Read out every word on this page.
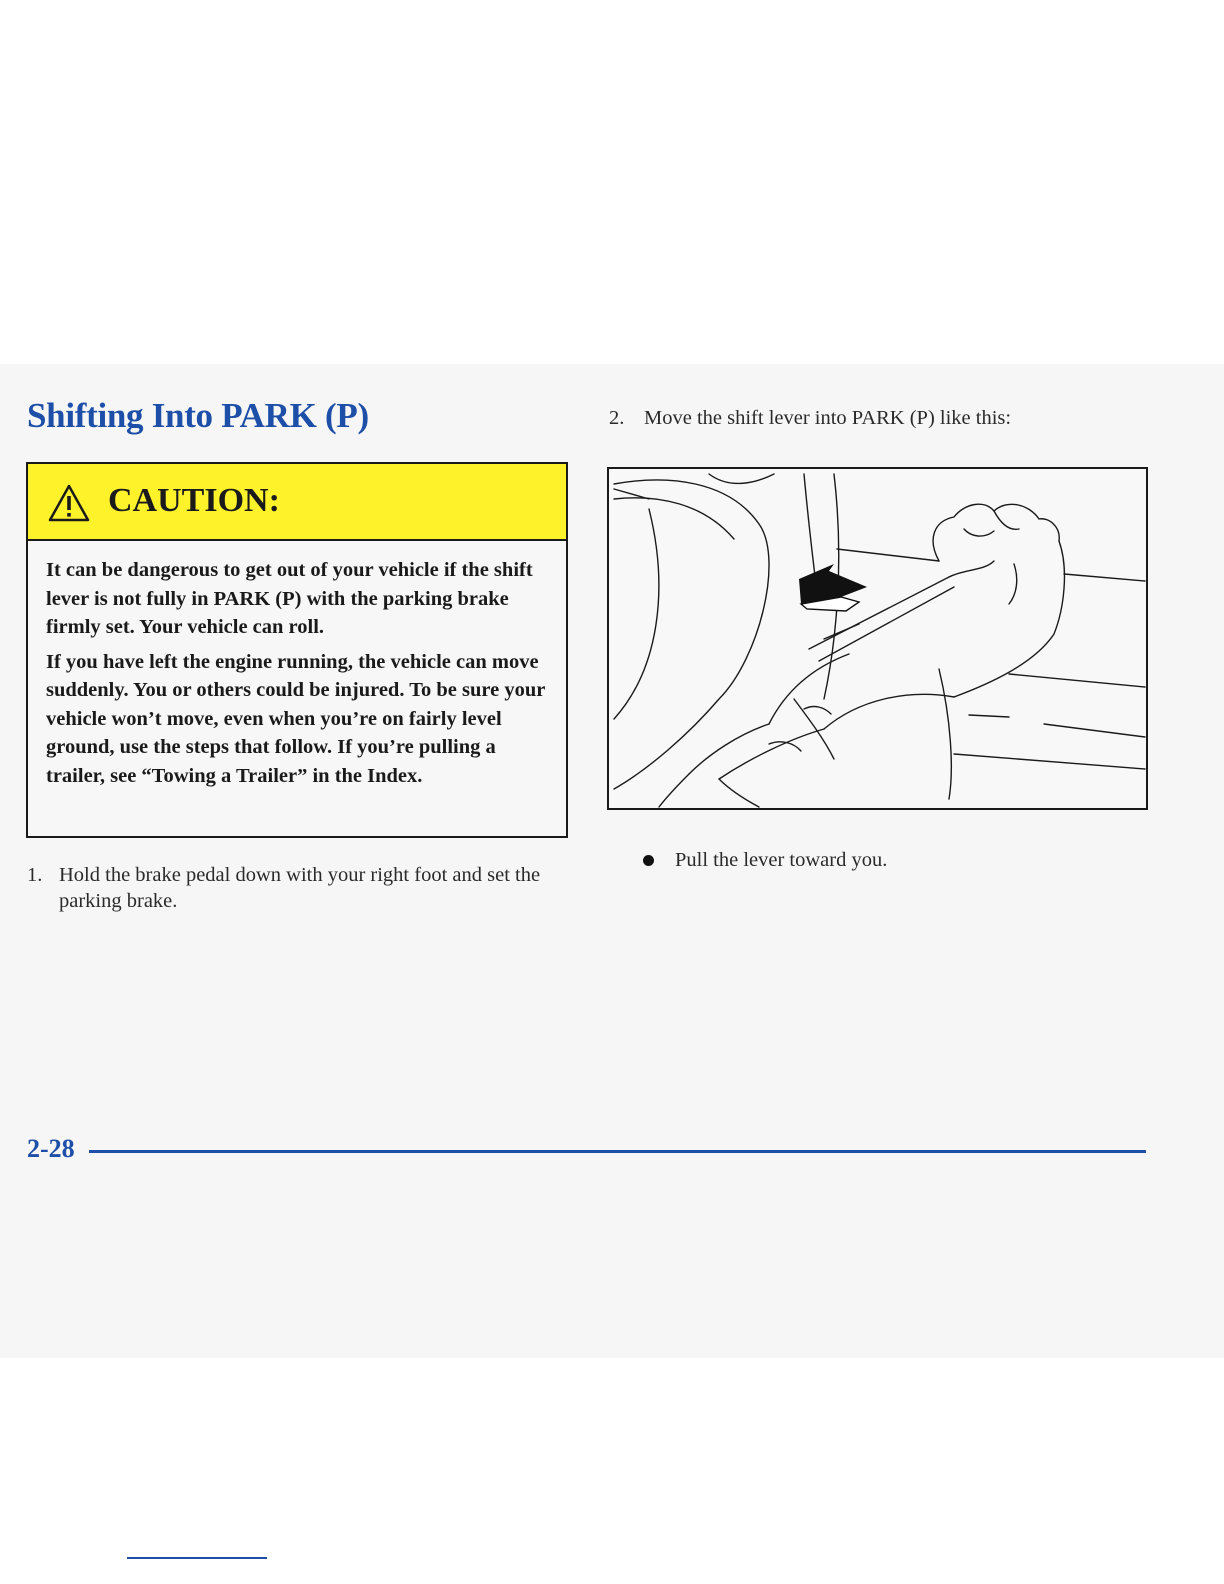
Shifting Into PARK (P)
CAUTION:

It can be dangerous to get out of your vehicle if the shift lever is not fully in PARK (P) with the parking brake firmly set. Your vehicle can roll.

If you have left the engine running, the vehicle can move suddenly. You or others could be injured. To be sure your vehicle won’t move, even when you’re on fairly level ground, use the steps that follow. If you’re pulling a trailer, see “Towing a Trailer” in the Index.

1. Hold the brake pedal down with your right foot and set the parking brake.
2. Move the shift lever into PARK (P) like this:
Pull the lever toward you.
2-28
